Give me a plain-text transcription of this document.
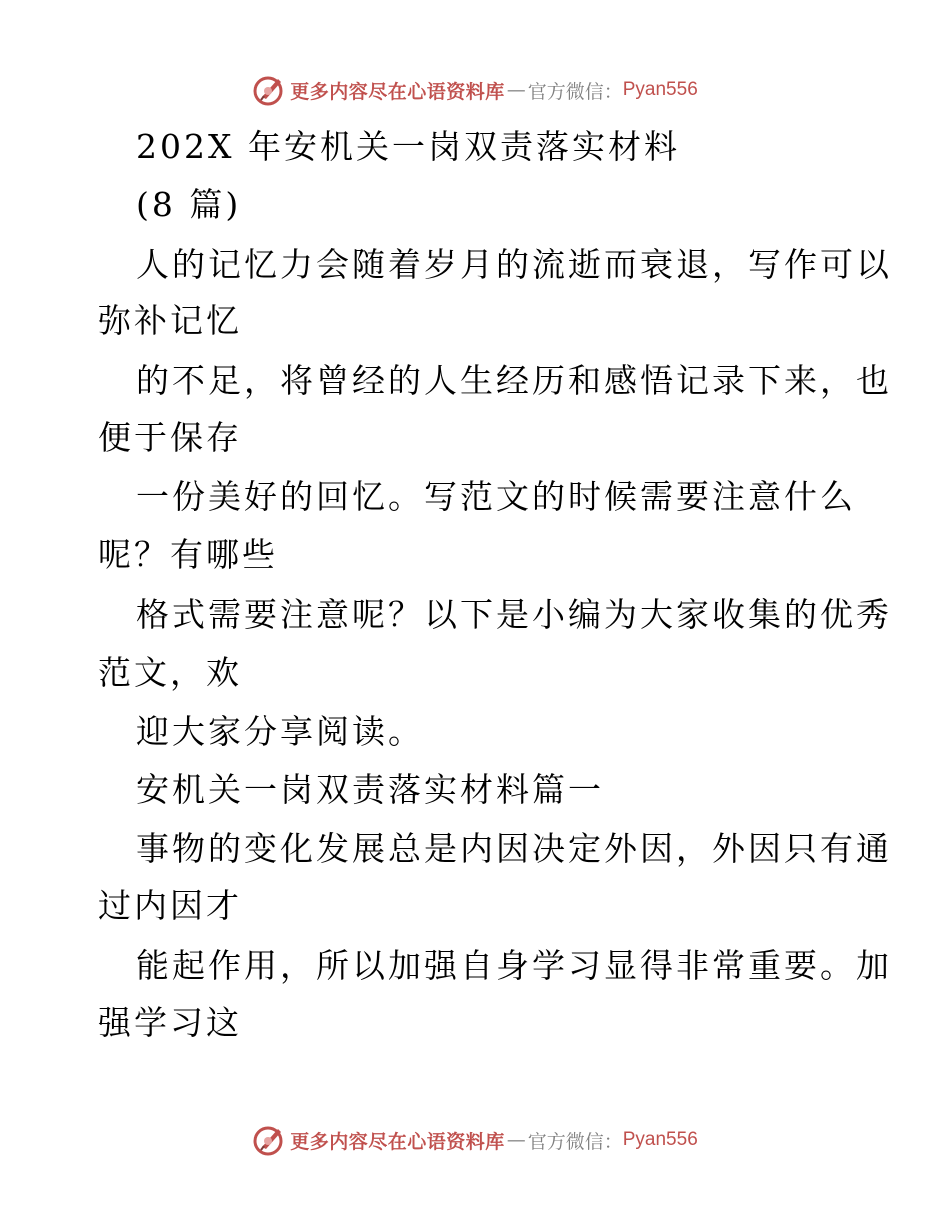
更多内容尽在心语资料库 — 官方微信： Pyan556
202X 年安机关一岗双责落实材料
(8 篇)
人的记忆力会随着岁月的流逝而衰退，写作可以
弥补记忆
的不足，将曾经的人生经历和感悟记录下来，也
便于保存
一份美好的回忆。写范文的时候需要注意什么
呢？有哪些
格式需要注意呢？以下是小编为大家收集的优秀
范文，欢
迎大家分享阅读。
安机关一岗双责落实材料篇一
事物的变化发展总是内因决定外因，外因只有通
过内因才
能起作用，所以加强自身学习显得非常重要。加
强学习这
更多内容尽在心语资料库 — 官方微信： Pyan556
